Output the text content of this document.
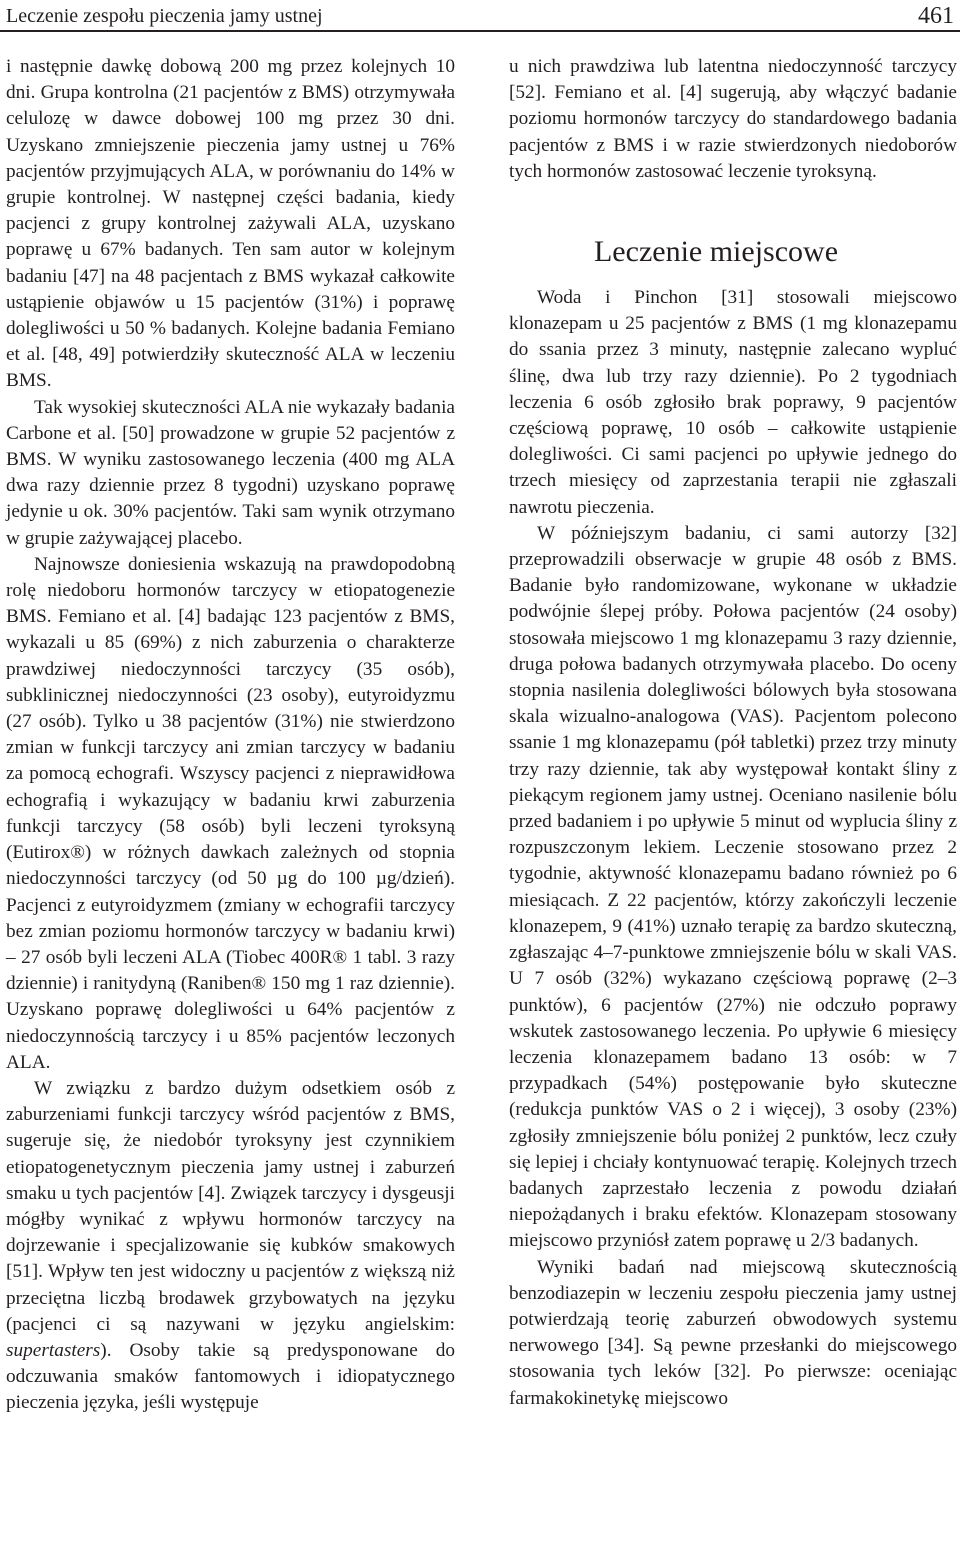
Leczenie zespołu pieczenia jamy ustnej	461

i następnie dawkę dobową 200 mg przez kolejnych 10 dni. Grupa kontrolna (21 pacjentów z BMS) otrzymywała celulozę w dawce dobowej 100 mg przez 30 dni. Uzyskano zmniejszenie pieczenia jamy ustnej u 76% pacjentów przyjmujących ALA, w porównaniu do 14% w grupie kontrolnej. W następnej części badania, kiedy pacjenci z grupy kontrolnej zażywali ALA, uzyskano poprawę u 67% badanych. Ten sam autor w kolejnym badaniu [47] na 48 pacjentach z BMS wykazał całkowite ustąpienie objawów u 15 pacjentów (31%) i poprawę dolegliwości u 50 % badanych. Kolejne badania Femiano et al. [48, 49] potwierdziły skuteczność ALA w leczeniu BMS.

Tak wysokiej skuteczności ALA nie wykazały badania Carbone et al. [50] prowadzone w grupie 52 pacjentów z BMS. W wyniku zastosowanego leczenia (400 mg ALA dwa razy dziennie przez 8 tygodni) uzyskano poprawę jedynie u ok. 30% pacjentów. Taki sam wynik otrzymano w grupie zażywającej placebo.

Najnowsze doniesienia wskazują na prawdopodobną rolę niedoboru hormonów tarczycy w etiopatogenezie BMS. Femiano et al. [4] badając 123 pacjentów z BMS, wykazali u 85 (69%) z nich zaburzenia o charakterze prawdziwej niedoczynności tarczycy (35 osób), subklinicznej niedoczynności (23 osoby), eutyroidyzmu (27 osób). Tylko u 38 pacjentów (31%) nie stwierdzono zmian w funkcji tarczycy ani zmian tarczycy w badaniu za pomocą echografi. Wszyscy pacjenci z nieprawidłowa echografią i wykazujący w badaniu krwi zaburzenia funkcji tarczycy (58 osób) byli leczeni tyroksyną (Eutirox®) w różnych dawkach zależnych od stopnia niedoczynności tarczycy (od 50 µg do 100 µg/dzień). Pacjenci z eutyroidyzmem (zmiany w echografii tarczycy bez zmian poziomu hormonów tarczycy w badaniu krwi) – 27 osób byli leczeni ALA (Tiobec 400R® 1 tabl. 3 razy dziennie) i ranitydyną (Raniben® 150 mg 1 raz dziennie). Uzyskano poprawę dolegliwości u 64% pacjentów z niedoczynnością tarczycy i u 85% pacjentów leczonych ALA.

W związku z bardzo dużym odsetkiem osób z zaburzeniami funkcji tarczycy wśród pacjentów z BMS, sugeruje się, że niedobór tyroksyny jest czynnikiem etiopatogenetycznym pieczenia jamy ustnej i zaburzeń smaku u tych pacjentów [4]. Związek tarczycy i dysgeusji mógłby wynikać z wpływu hormonów tarczycy na dojrzewanie i specjalizowanie się kubków smakowych [51]. Wpływ ten jest widoczny u pacjentów z większą niż przeciętna liczbą brodawek grzybowatych na języku (pacjenci ci są nazywani w języku angielskim: supertasters). Osoby takie są predysponowane do odczuwania smaków fantomowych i idiopatycznego pieczenia języka, jeśli występuje

u nich prawdziwa lub latentna niedoczynność tarczycy [52]. Femiano et al. [4] sugerują, aby włączyć badanie poziomu hormonów tarczycy do standardowego badania pacjentów z BMS i w razie stwierdzonych niedoborów tych hormonów zastosować leczenie tyroksyną.

Leczenie miejscowe

Woda i Pinchon [31] stosowali miejscowo klonazepam u 25 pacjentów z BMS (1 mg klonazepamu do ssania przez 3 minuty, następnie zalecano wypluć ślinę, dwa lub trzy razy dziennie). Po 2 tygodniach leczenia 6 osób zgłosiło brak poprawy, 9 pacjentów częściową poprawę, 10 osób – całkowite ustąpienie dolegliwości. Ci sami pacjenci po upływie jednego do trzech miesięcy od zaprzestania terapii nie zgłaszali nawrotu pieczenia.

W późniejszym badaniu, ci sami autorzy [32] przeprowadzili obserwacje w grupie 48 osób z BMS. Badanie było randomizowane, wykonane w układzie podwójnie ślepej próby. Połowa pacjentów (24 osoby) stosowała miejscowo 1 mg klonazepamu 3 razy dziennie, druga połowa badanych otrzymywała placebo. Do oceny stopnia nasilenia dolegliwości bólowych była stosowana skala wizualno-analogowa (VAS). Pacjentom polecono ssanie 1 mg klonazepamu (pół tabletki) przez trzy minuty trzy razy dziennie, tak aby występował kontakt śliny z piekącym regionem jamy ustnej. Oceniano nasilenie bólu przed badaniem i po upływie 5 minut od wyplucia śliny z rozpuszczonym lekiem. Leczenie stosowano przez 2 tygodnie, aktywność klonazepamu badano również po 6 miesiącach. Z 22 pacjentów, którzy zakończyli leczenie klonazepem, 9 (41%) uznało terapię za bardzo skuteczną, zgłaszając 4–7-punktowe zmniejszenie bólu w skali VAS. U 7 osób (32%) wykazano częściową poprawę (2–3 punktów), 6 pacjentów (27%) nie odczuło poprawy wskutek zastosowanego leczenia. Po upływie 6 miesięcy leczenia klonazepamem badano 13 osób: w 7 przypadkach (54%) postępowanie było skuteczne (redukcja punktów VAS o 2 i więcej), 3 osoby (23%) zgłosiły zmniejszenie bólu poniżej 2 punktów, lecz czuły się lepiej i chciały kontynuować terapię. Kolejnych trzech badanych zaprzestało leczenia z powodu działań niepożądanych i braku efektów. Klonazepam stosowany miejscowo przyniósł zatem poprawę u 2/3 badanych.

Wyniki badań nad miejscową skutecznością benzodiazepin w leczeniu zespołu pieczenia jamy ustnej potwierdzają teorię zaburzeń obwodowych systemu nerwowego [34]. Są pewne przesłanki do miejscowego stosowania tych leków [32]. Po pierwsze: oceniając farmakokinetykę miejscowo
